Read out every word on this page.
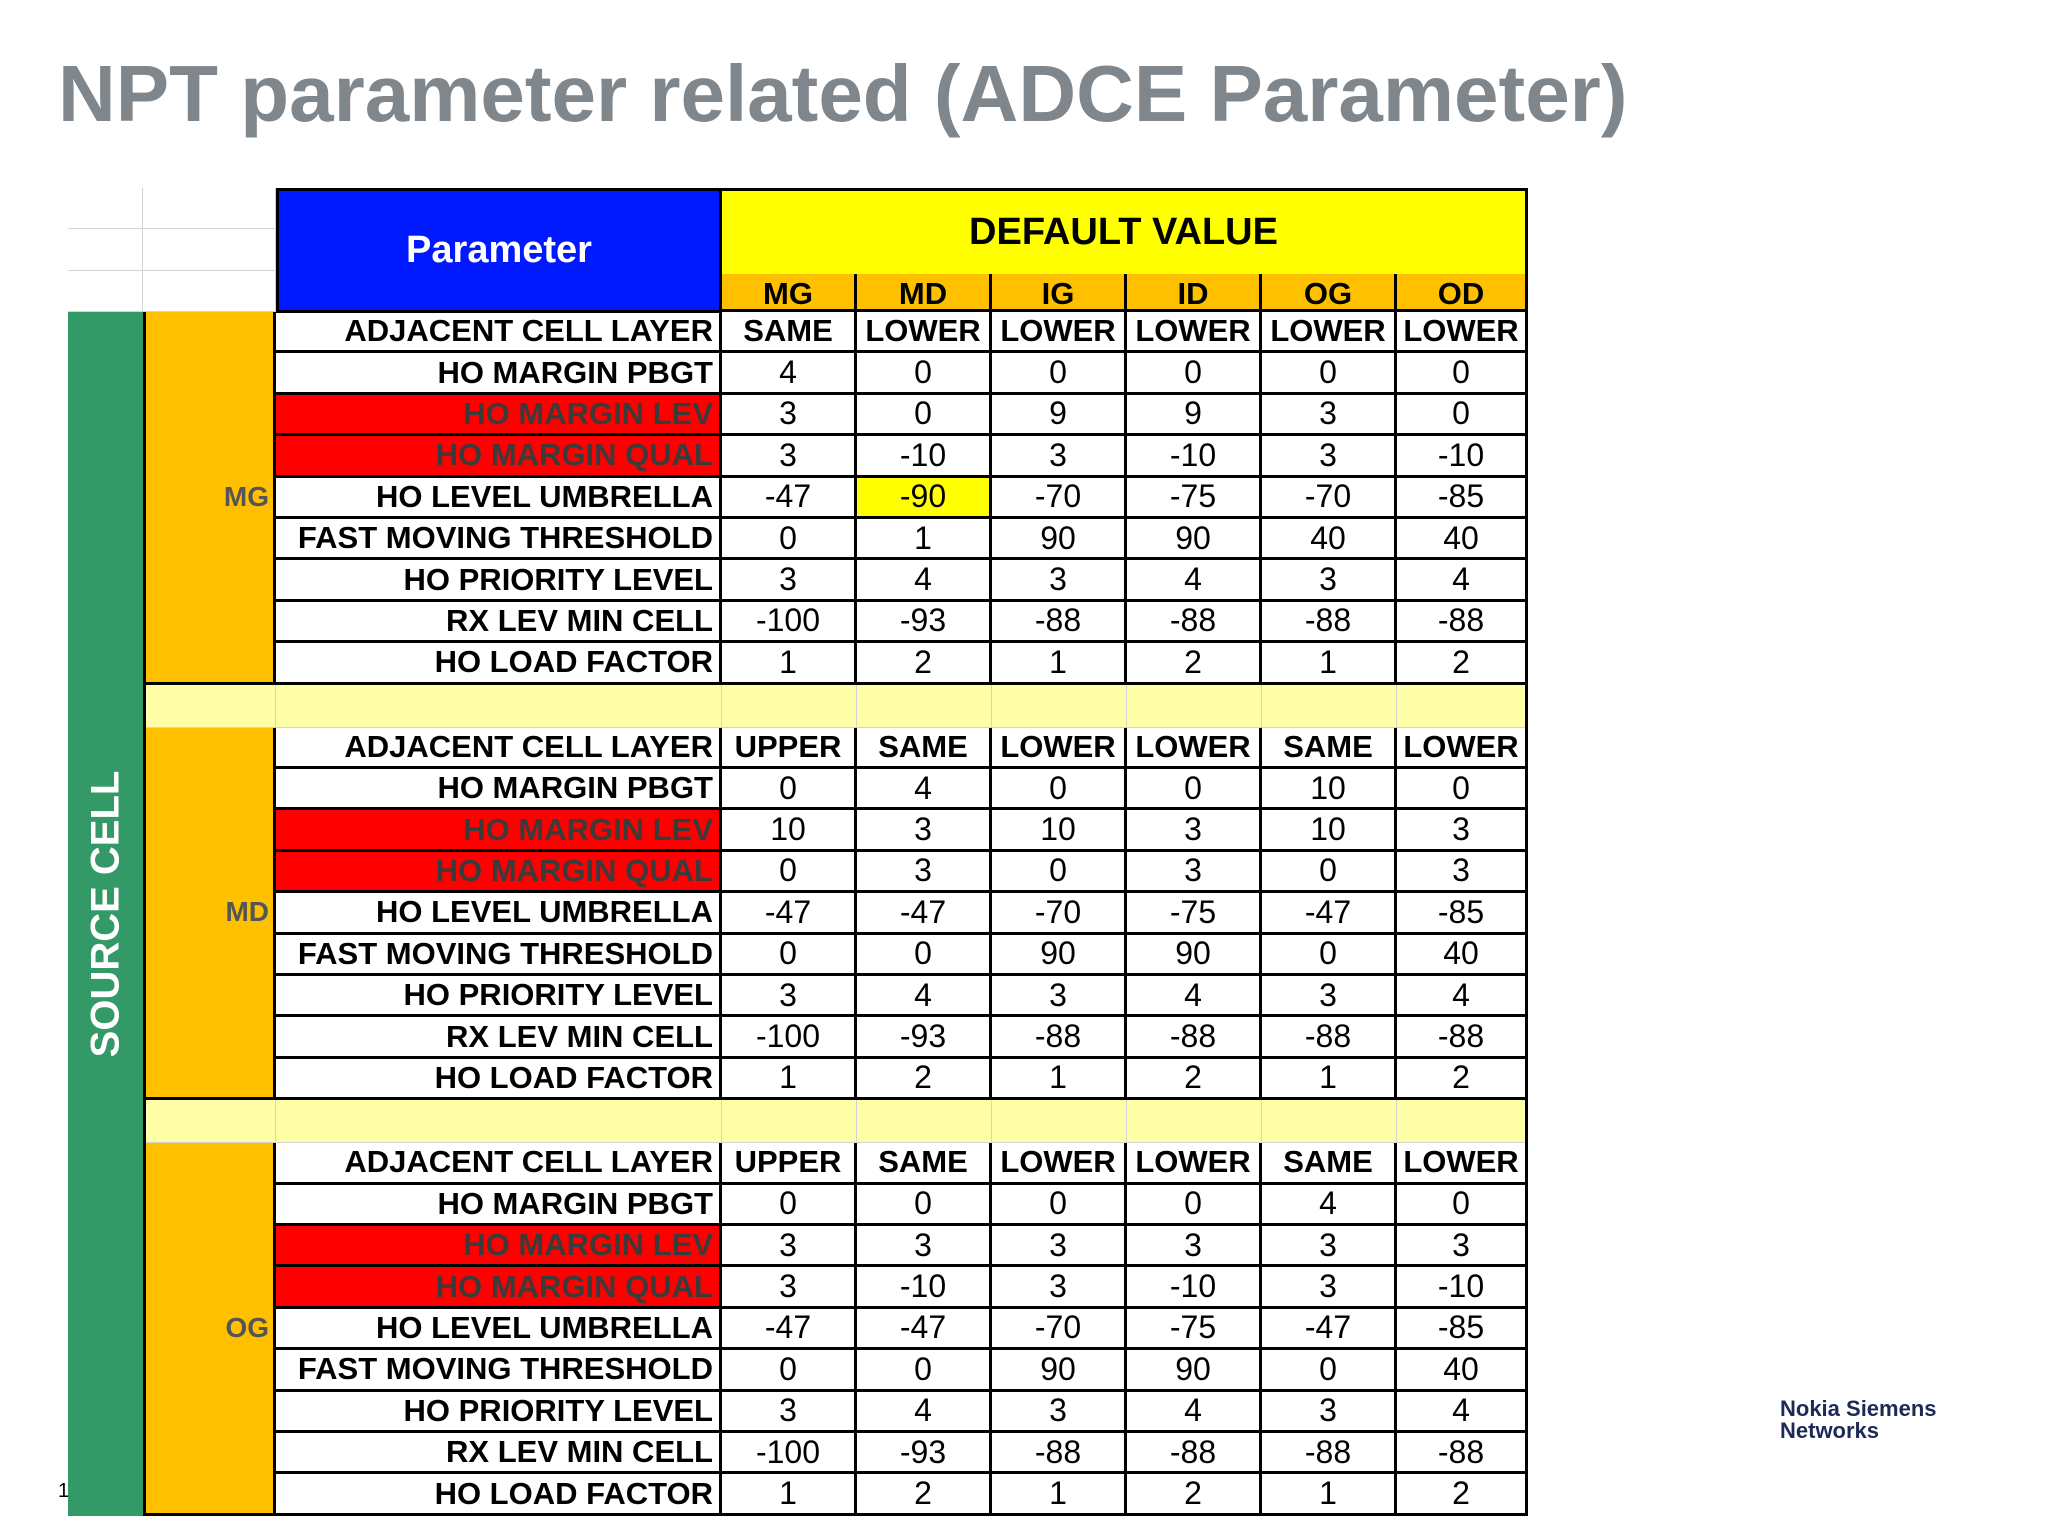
NPT parameter related (ADCE Parameter)
Parameter	DEFAULT VALUE
MG	MD	IG	ID	OG	OD
ADJACENT CELL LAYER SAME	LOWER LOWER LOWER LOWER LOWER
HO MARGIN PBGT	4	0	0	0	0	0
HO MARGIN LEV	3	0	9	9	3	0
HO MARGIN QUAL	3	-10	3	-10	3	-10
HO LEVEL UMBRELLA	-47	-90	-70	-75	-70	-85
FAST MOVING THRESHOLD	0	1	90	90	40	40
HO PRIORITY LEVEL	3	4	3	4	3	4
RX LEV MIN CELL	-100	-93	-88	-88	-88	-88
HO LOAD FACTOR	1	2	1	2	1	2
MG
ADJACENT CELL LAYER UPPER	SAME	LOWER LOWER	SAME LOWER
HO MARGIN PBGT	0	4	0	0	10	0
HO MARGIN LEV	10	3	10	3	10	3
HO MARGIN QUAL	0	3	0	3	0	3
HO LEVEL UMBRELLA	-47	-47	-70	-75	-47	-85
FAST MOVING THRESHOLD	0	0	90	90	0	40
HO PRIORITY LEVEL	3	4	3	4	3	4
RX LEV MIN CELL	-100	-93	-88	-88	-88	-88
HO LOAD FACTOR	1	2	1	2	1	2
MD
ADJACENT CELL LAYER UPPER	SAME	LOWER LOWER	SAME LOWER
HO MARGIN PBGT	0	0	0	0	4	0
HO MARGIN LEV	3	3	3	3	3	3
HO MARGIN QUAL	3	-10	3	-10	3	-10
HO LEVEL UMBRELLA	-47	-47	-70	-75	-47	-85
FAST MOVING THRESHOLD	0	0	90	90	0	40
HO PRIORITY LEVEL	3	4	3	4	3	4
RX LEV MIN CELL	-100	-93	-88	-88	-88	-88
HO LOAD FACTOR	1	2	1	2	1	2
OG
SOURCE CELL
1
Nokia Siemens
Networks
